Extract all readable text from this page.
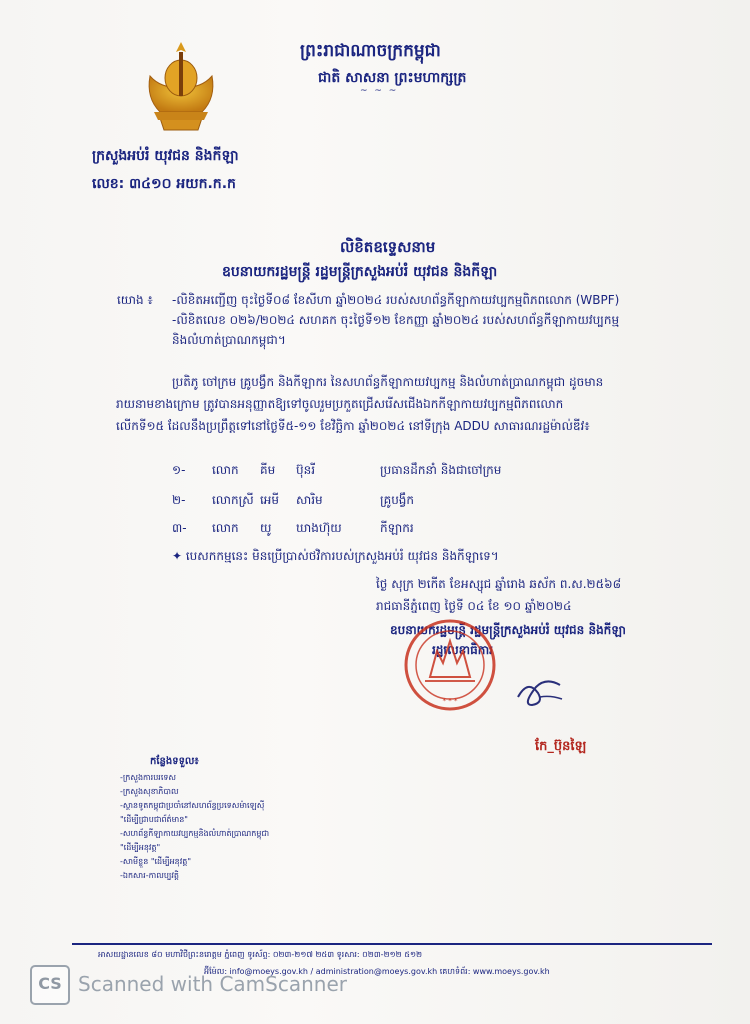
ព្រះរាជាណាចក្រកម្ពុជា
ជាតិ សាសនា ព្រះមហាក្សត្រ
~ ~ ~
ក្រសួងអប់រំ យុវជន និងកីឡា
លេខ: ៣៤១០ អយក.ក.ក
លិខិតឧទ្ទេសនាម
ឧបនាយករដ្ឋមន្ត្រី រដ្ឋមន្ត្រីក្រសួងអប់រំ យុវជន និងកីឡា
យោង ៖ -លិខិតអញ្ជើញ ចុះថ្ងៃទី០៨ ខែសីហា ឆ្នាំ២០២៤ របស់សហព័ន្ធកីឡាកាយវប្បកម្មពិភពលោក (WBPF)
-លិខិតលេខ ០២៦/២០២៤ សហគក ចុះថ្ងៃទី១២ ខែកញ្ញា ឆ្នាំ២០២៤ របស់សហព័ន្ធកីឡាកាយវប្បកម្ម
និងលំហាត់ប្រាណកម្ពុជា។
ប្រតិភូ ចៅក្រម គ្រូបង្វឹក និងកីឡាករ នៃសហព័ន្ធកីឡាកាយវប្បកម្ម និងលំហាត់ប្រាណកម្ពុជា ដូចមាន
រាយនាមខាងក្រោម ត្រូវបានអនុញ្ញាតឱ្យទៅចូលរួមប្រកួតជ្រើសរើសជើងឯកកីឡាកាយវប្បកម្មពិភពលោក
លើកទី១៥ ដែលនឹងប្រព្រឹត្តទៅនៅថ្ងៃទី៥-១១ ខែវិច្ឆិកា ឆ្នាំ២០២៤ នៅទីក្រុង ADDU សាធារណរដ្ឋម៉ាល់ឌីវ៖
១- លោក គីម ប៊ុនរី	ប្រធានដឹកនាំ និងជាចៅក្រម
២- លោកស្រី អេមី សារិម	គ្រូបង្វឹក
៣- លោក យូ ឃាងហ៊ុយ	កីឡាករ
✦ បេសកកម្មនេះ មិនប្រើប្រាស់ថវិការបស់ក្រសួងអប់រំ យុវជន និងកីឡាទេ។
ថ្ងៃ សុក្រ ២កើត ខែអស្សុជ ឆ្នាំរោង ឆស័ក ព.ស.២៥៦៨
រាជធានីភ្នំពេញ ថ្ងៃទី ០៤ ខែ ១០ ឆ្នាំ២០២៤
ឧបនាយករដ្ឋមន្ត្រី រដ្ឋមន្ត្រីក្រសួងអប់រំ យុវជន និងកីឡា
រដ្ឋលេខាធិការ
* * *
កែ_ប៊ុនឡៃ
កន្លែងទទួល៖
-ក្រសួងការបរទេស
-ក្រសួងសុខាភិបាល
-ស្ថានទូតកម្ពុជាប្រចាំនៅសហព័ន្ធប្រទេសម៉ាឡេស៊ី
"ដើម្បីជ្រាបជាព័ត៌មាន"
-សហព័ន្ធកីឡាកាយវប្បកម្មនិងលំហាត់ប្រាណកម្ពុជា
"ដើម្បីអនុវត្ត"
-សាមីខ្លួន "ដើម្បីអនុវត្ត"
-ឯកសារ-កាលប្បវត្តិ
អាសយដ្ឋានលេខ ៨០ មហាវិថីព្រះនរោត្តម ភ្នំពេញ ទូរស័ព្ទ: ០២៣-២១៧ ២៥៣ ទូរសារ: ០២៣-២១២ ៥១២
អ៊ីម៉ែល: info@moeys.gov.kh / administration@moeys.gov.kh គេហទំព័រ: www.moeys.gov.kh
CS Scanned with CamScanner
